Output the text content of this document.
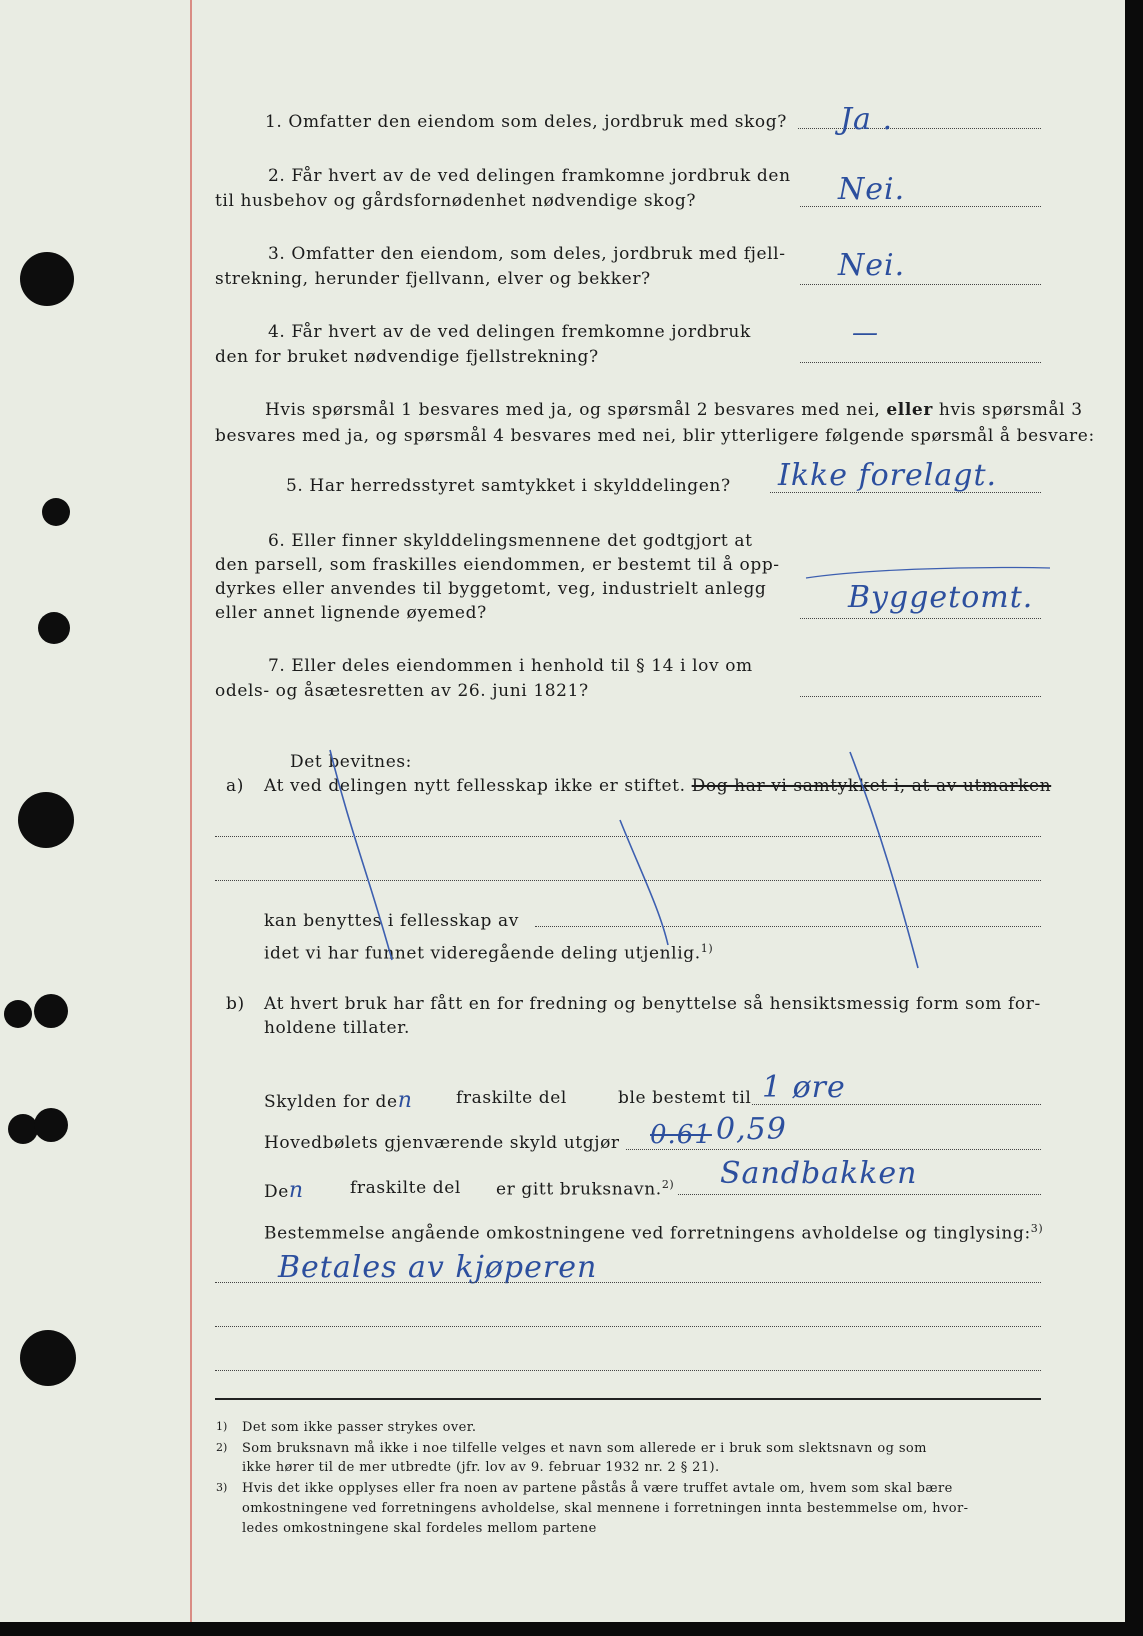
1. Omfatter den eiendom som deles, jordbruk med skog? Ja .
2. Får hvert av de ved delingen framkomne jordbruk den
til husbehov og gårdsfornødenhet nødvendige skog?	Nei.
3. Omfatter den eiendom, som deles, jordbruk med fjell-
strekning, herunder fjellvann, elver og bekker?	Nei.
4. Får hvert av de ved delingen fremkomne jordbruk
den for bruket nødvendige fjellstrekning?
—
Hvis spørsmål 1 besvares med ja, og spørsmål 2 besvares med nei, eller hvis spørsmål 3
besvares med ja, og spørsmål 4 besvares med nei, blir ytterligere følgende spørsmål å besvare:
5. Har herredsstyret samtykket i skylddelingen? Ikke forelagt.
6. Eller finner skylddelingsmennene det godtgjort at
den parsell, som fraskilles eiendommen, er bestemt til å opp-
dyrkes eller anvendes til byggetomt, veg, industrielt anlegg
eller annet lignende øyemed?	Byggetomt.
7. Eller deles eiendommen i henhold til § 14 i lov om
odels- og åsætesretten av 26. juni 1821?
Det bevitnes:
a) At ved delingen nytt fellesskap ikke er stiftet. Dog har vi samtykket i, at av utmarken
kan benyttes i fellesskap av
idet vi har funnet videregående deling utjenlig.$^{1)}$
b) At hvert bruk har fått en for fredning og benyttelse så hensiktsmessig form som for-
holdene tillater.
Skylden for den	fraskilte del	ble bestemt til 1 øre
Hovedbølets gjenværende skyld utgjør 0.61 0,59
Den	fraskilte del er gitt bruksnavn.$^{2)}$ Sandbakken
Bestemmelse angående omkostningene ved forretningens avholdelse og tinglysing:$^{3)}$
Betales av kjøperen
1) Det som ikke passer strykes over.
2) Som bruksnavn må ikke i noe tilfelle velges et navn som allerede er i bruk som slektsnavn og som
ikke hører til de mer utbredte (jfr. lov av 9. februar 1932 nr. 2 § 21).
3) Hvis det ikke opplyses eller fra noen av partene påstås å være truffet avtale om, hvem som skal bære
omkostningene ved forretningens avholdelse, skal mennene i forretningen innta bestemmelse om, hvor-
ledes omkostningene skal fordeles mellom partene
